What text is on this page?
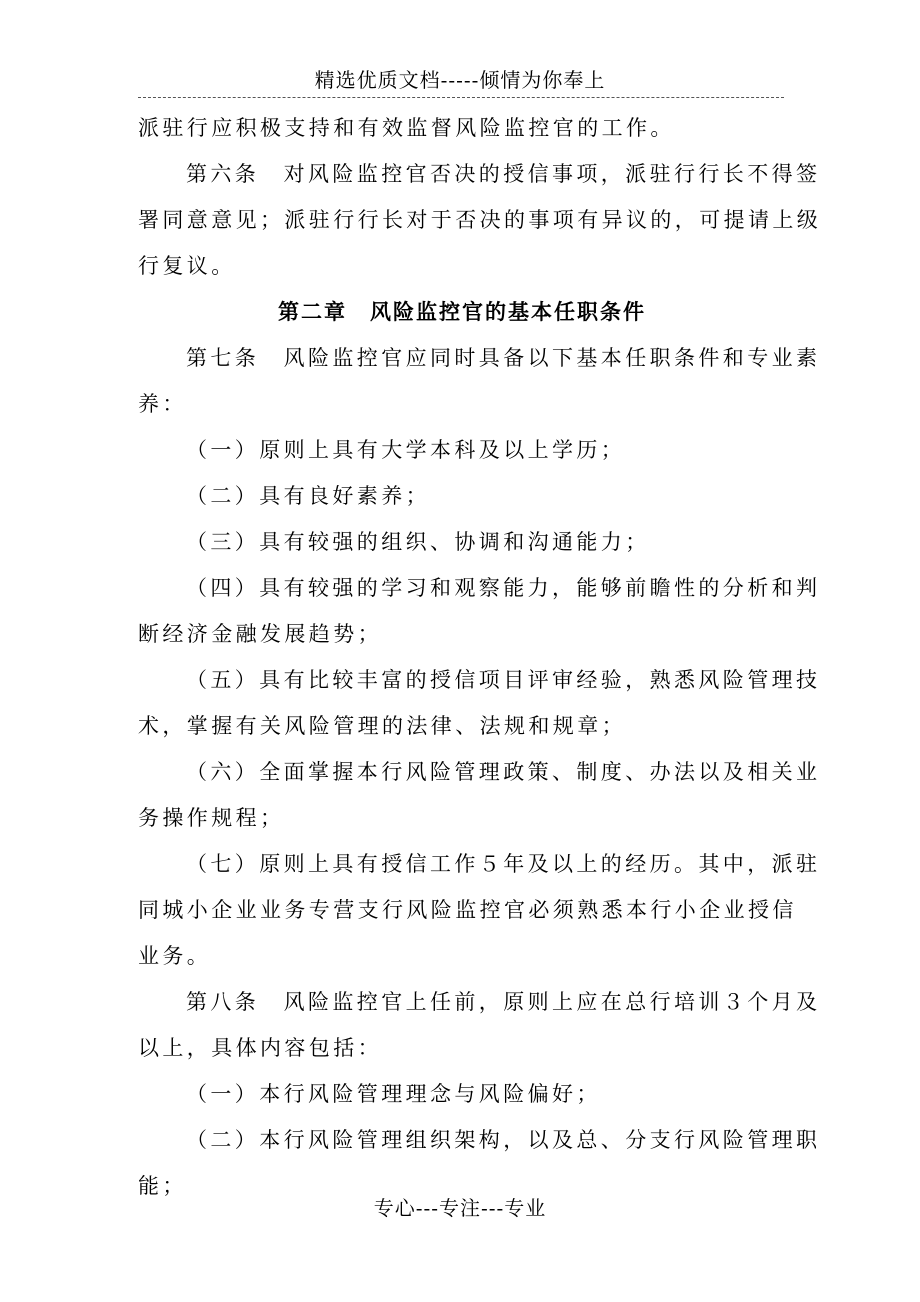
精选优质文档-----倾情为你奉上
派驻行应积极支持和有效监督风险监控官的工作。
第六条　对风险监控官否决的授信事项，派驻行行长不得签
署同意意见；派驻行行长对于否决的事项有异议的，可提请上级
行复议。
第二章　风险监控官的基本任职条件
第七条　风险监控官应同时具备以下基本任职条件和专业素
养：
（一）原则上具有大学本科及以上学历；
（二）具有良好素养；
（三）具有较强的组织、协调和沟通能力；
（四）具有较强的学习和观察能力，能够前瞻性的分析和判
断经济金融发展趋势；
（五）具有比较丰富的授信项目评审经验，熟悉风险管理技
术，掌握有关风险管理的法律、法规和规章；
（六）全面掌握本行风险管理政策、制度、办法以及相关业
务操作规程；
（七）原则上具有授信工作５年及以上的经历。其中，派驻
同城小企业业务专营支行风险监控官必须熟悉本行小企业授信
业务。
第八条　风险监控官上任前，原则上应在总行培训３个月及
以上，具体内容包括：
（一）本行风险管理理念与风险偏好；
（二）本行风险管理组织架构，以及总、分支行风险管理职
能；
专心---专注---专业
